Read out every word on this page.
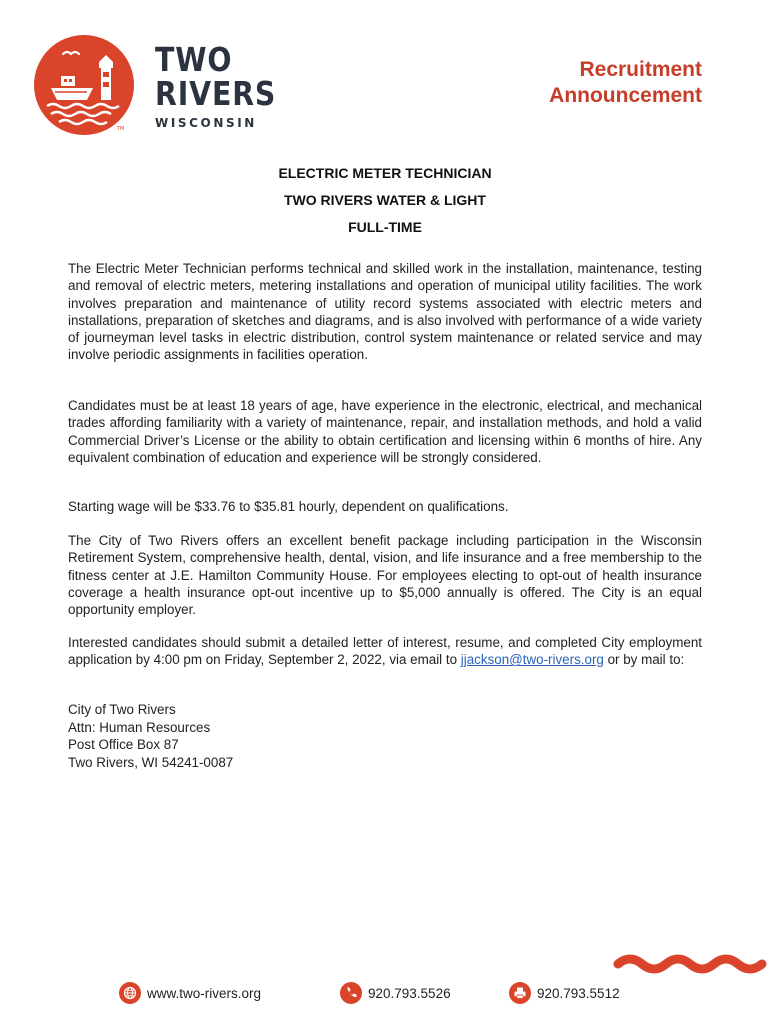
TM
TWO
RIVERS
WISCONSIN
Recruitment
Announcement
ELECTRIC METER TECHNICIAN
TWO RIVERS WATER & LIGHT
FULL-TIME

The Electric Meter Technician performs technical and skilled work in the installation, maintenance, testing and removal of electric meters, metering installations and operation of municipal utility facilities. The work involves preparation and maintenance of utility record systems associated with electric meters and installations, preparation of sketches and diagrams, and is also involved with performance of a wide variety of journeyman level tasks in electric distribution, control system maintenance or related service and may involve periodic assignments in facilities operation.

Candidates must be at least 18 years of age, have experience in the electronic, electrical, and mechanical trades affording familiarity with a variety of maintenance, repair, and installation methods, and hold a valid Commercial Driver’s License or the ability to obtain certification and licensing within 6 months of hire. Any equivalent combination of education and experience will be strongly considered.

Starting wage will be $33.76 to $35.81 hourly, dependent on qualifications.

The City of Two Rivers offers an excellent benefit package including participation in the Wisconsin Retirement System, comprehensive health, dental, vision, and life insurance and a free membership to the fitness center at J.E. Hamilton Community House. For employees electing to opt-out of health insurance coverage a health insurance opt-out incentive up to $5,000 annually is offered. The City is an equal opportunity employer.

Interested candidates should submit a detailed letter of interest, resume, and completed City employment application by 4:00 pm on Friday, September 2, 2022, via email to jjackson@two-rivers.org or by mail to:

City of Two Rivers
Attn: Human Resources
Post Office Box 87
Two Rivers, WI 54241-0087
www.two-rivers.org	920.793.5526	920.793.5512
